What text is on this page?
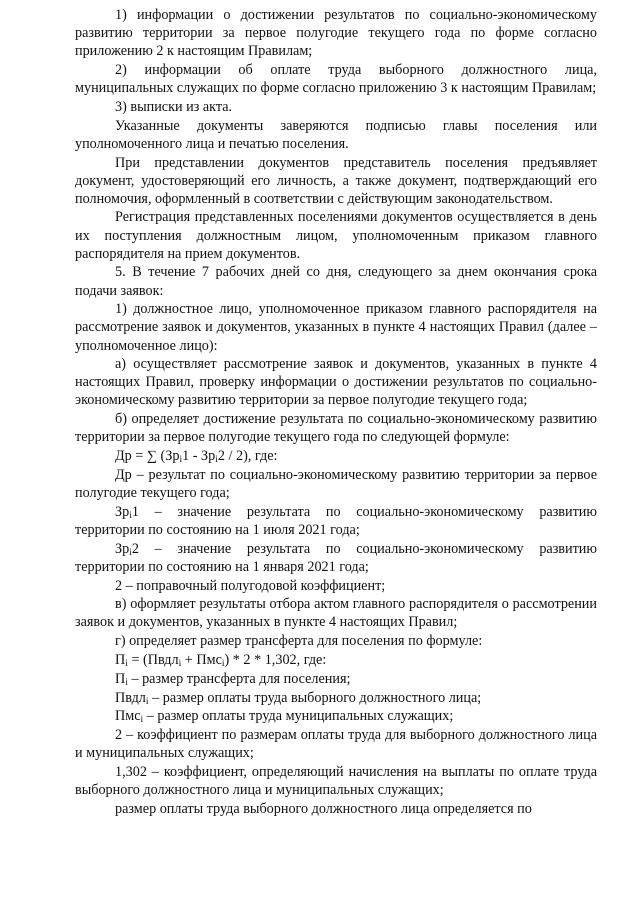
1) информации о достижении результатов по социально-экономическому развитию территории за первое полугодие текущего года по форме согласно приложению 2 к настоящим Правилам;

2) информации об оплате труда выборного должностного лица, муниципальных служащих по форме согласно приложению 3 к настоящим Правилам;

3) выписки из акта.

Указанные документы заверяются подписью главы поселения или уполномоченного лица и печатью поселения.

При представлении документов представитель поселения предъявляет документ, удостоверяющий его личность, а также документ, подтверждающий его полномочия, оформленный в соответствии с действующим законодательством.

Регистрация представленных поселениями документов осуществляется в день их поступления должностным лицом, уполномоченным приказом главного распорядителя на прием документов.

5. В течение 7 рабочих дней со дня, следующего за днем окончания срока подачи заявок:

1) должностное лицо, уполномоченное приказом главного распорядителя на рассмотрение заявок и документов, указанных в пункте 4 настоящих Правил (далее – уполномоченное лицо):

а) осуществляет рассмотрение заявок и документов, указанных в пункте 4 настоящих Правил, проверку информации о достижении результатов по социально-экономическому развитию территории за первое полугодие текущего года;

б) определяет достижение результата по социально-экономическому развитию территории за первое полугодие текущего года по следующей формуле:

Др = ∑ $(Зр_i1 - Зр_i2 / 2)$, где:

Др – результат по социально-экономическому развитию территории за первое полугодие текущего года;

$Зр_i1$ – значение результата по социально-экономическому развитию территории по состоянию на 1 июля 2021 года;

$Зр_i2$ – значение результата по социально-экономическому развитию территории по состоянию на 1 января 2021 года;

2 – поправочный полугодовой коэффициент;

в) оформляет результаты отбора актом главного распорядителя о рассмотрении заявок и документов, указанных в пункте 4 настоящих Правил;

г) определяет размер трансферта для поселения по формуле:

$П_i$ = (Пвдл$_i$ + Пмс$_i$) * 2 * 1,302, где:

$П_i$ – размер трансферта для поселения;

Пвдл$_i$ – размер оплаты труда выборного должностного лица;

Пмс$_i$ – размер оплаты труда муниципальных служащих;

2 – коэффициент по размерам оплаты труда для выборного должностного лица и муниципальных служащих;

1,302 – коэффициент, определяющий начисления на выплаты по оплате труда выборного должностного лица и муниципальных служащих;

размер оплаты труда выборного должностного лица определяется по
